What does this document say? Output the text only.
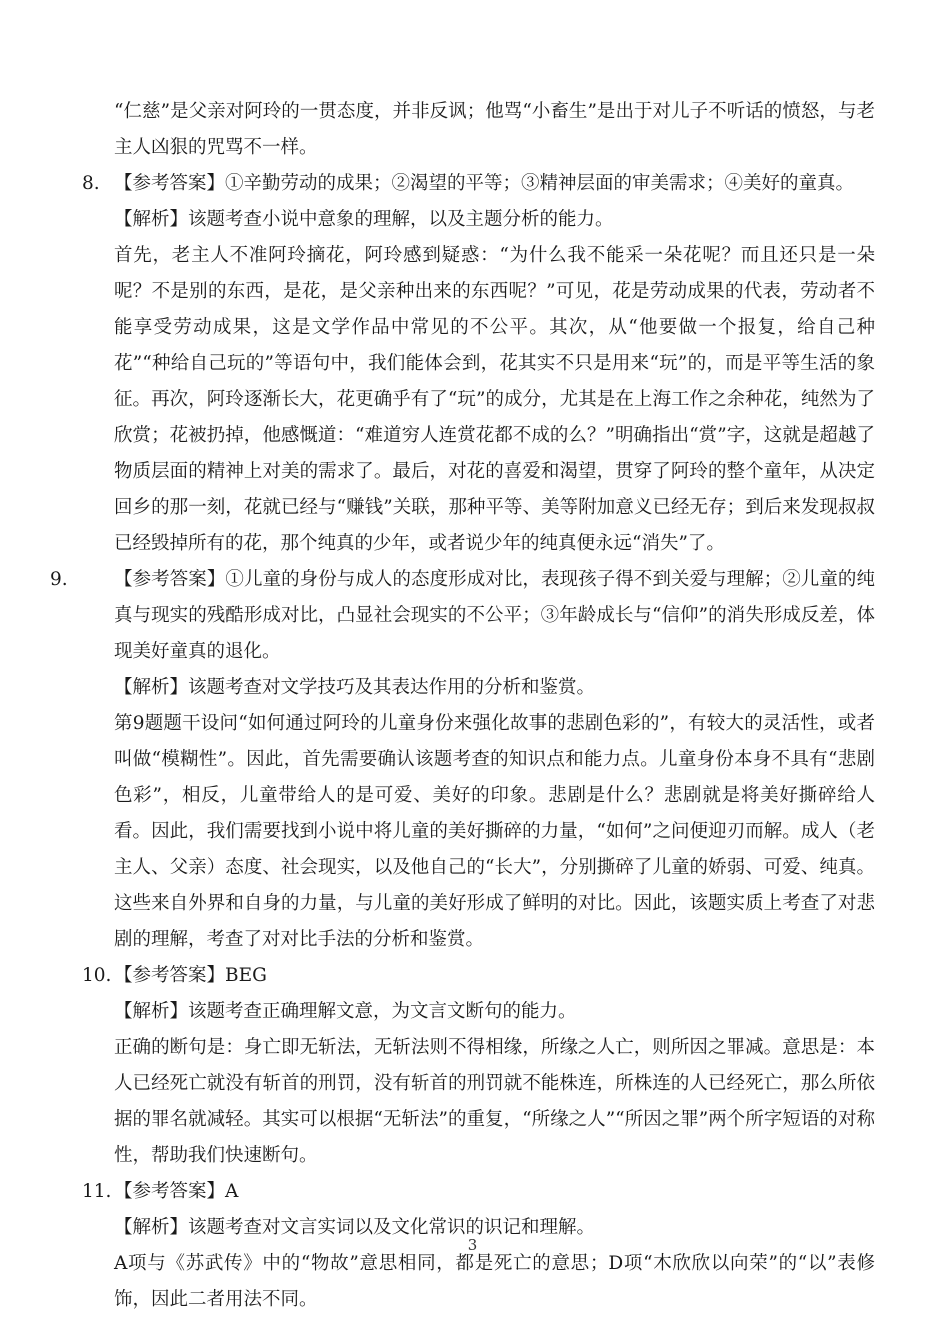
“仁慈”是父亲对阿玲的一贯态度，并非反讽；他骂“小畜生”是出于对儿子不听话的愤怒，与老主人凶狠的咒骂不一样。

8. 【参考答案】①辛勤劳动的成果；②渴望的平等；③精神层面的审美需求；④美好的童真。

【解析】该题考查小说中意象的理解，以及主题分析的能力。

首先，老主人不准阿玲摘花，阿玲感到疑惑：“为什么我不能采一朵花呢？而且还只是一朵呢？不是别的东西，是花，是父亲种出来的东西呢？”可见，花是劳动成果的代表，劳动者不能享受劳动成果，这是文学作品中常见的不公平。其次，从“他要做一个报复，给自己种花”“种给自己玩的”等语句中，我们能体会到，花其实不只是用来“玩”的，而是平等生活的象征。再次，阿玲逐渐长大，花更确乎有了“玩”的成分，尤其是在上海工作之余种花，纯然为了欣赏；花被扔掉，他感慨道：“难道穷人连赏花都不成的么？”明确指出“赏”字，这就是超越了物质层面的精神上对美的需求了。最后，对花的喜爱和渴望，贯穿了阿玲的整个童年，从决定回乡的那一刻，花就已经与“赚钱”关联，那种平等、美等附加意义已经无存；到后来发现叔叔已经毁掉所有的花，那个纯真的少年，或者说少年的纯真便永远“消失”了。

9.	【参考答案】①儿童的身份与成人的态度形成对比，表现孩子得不到关爱与理解；②儿童的纯真与现实的残酷形成对比，凸显社会现实的不公平；③年龄成长与“信仰”的消失形成反差，体现美好童真的退化。

【解析】该题考查对文学技巧及其表达作用的分析和鉴赏。

第9题题干设问“如何通过阿玲的儿童身份来强化故事的悲剧色彩的”，有较大的灵活性，或者叫做“模糊性”。因此，首先需要确认该题考查的知识点和能力点。儿童身份本身不具有“悲剧色彩”，相反，儿童带给人的是可爱、美好的印象。悲剧是什么？悲剧就是将美好撕碎给人看。因此，我们需要找到小说中将儿童的美好撕碎的力量，“如何”之问便迎刃而解。成人（老主人、父亲）态度、社会现实，以及他自己的“长大”，分别撕碎了儿童的娇弱、可爱、纯真。这些来自外界和自身的力量，与儿童的美好形成了鲜明的对比。因此，该题实质上考查了对悲剧的理解，考查了对对比手法的分析和鉴赏。

10. 【参考答案】BEG

【解析】该题考查正确理解文意，为文言文断句的能力。

正确的断句是：身亡即无斩法，无斩法则不得相缘，所缘之人亡，则所因之罪减。意思是：本人已经死亡就没有斩首的刑罚，没有斩首的刑罚就不能株连，所株连的人已经死亡，那么所依据的罪名就减轻。其实可以根据“无斩法”的重复，“所缘之人”“所因之罪”两个所字短语的对称性，帮助我们快速断句。

11. 【参考答案】A

【解析】该题考查对文言实词以及文化常识的识记和理解。

A项与《苏武传》中的“物故”意思相同，都是死亡的意思；D项“木欣欣以向荣”的“以”表修饰，因此二者用法不同。

3
